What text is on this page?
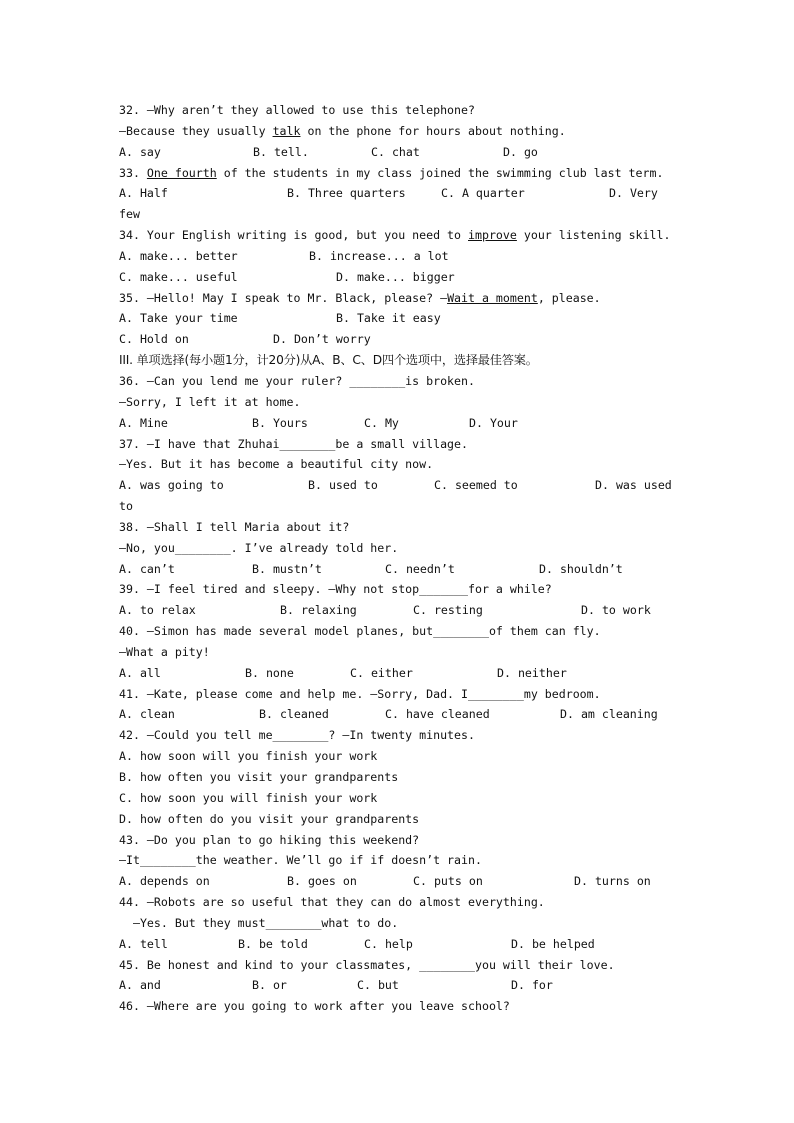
32. —Why aren’t they allowed to use this telephone?
—Because they usually talk on the phone for hours about nothing.
A. say	B. tell.	C. chat	D. go
33. One fourth of the students in my class joined the swimming club last term.
A. Half	B. Three quarters	C. A quarter	D. Very
few
34. Your English writing is good, but you need to improve your listening skill.
A. make... better	B. increase... a lot
C. make... useful	D. make... bigger
35. —Hello! May I speak to Mr. Black, please? —Wait a moment, please.
A. Take your time	B. Take it easy
C. Hold on	D. Don’t worry
III. 单项选择(每小题1分，计20分)从A、B、C、D四个选项中，选择最佳答案。
36. —Can you lend me your ruler? ________is broken.
—Sorry, I left it at home.
A. Mine	B. Yours	C. My	D. Your
37. —I have that Zhuhai________be a small village.
—Yes. But it has become a beautiful city now.
A. was going to	B. used to	C. seemed to	D. was used
to
38. —Shall I tell Maria about it?
—No, you________. I’ve already told her.
A. can’t	B. mustn’t	C. needn’t	D. shouldn’t
39. —I feel tired and sleepy. —Why not stop_______for a while?
A. to relax	B. relaxing	C. resting	D. to work
40. —Simon has made several model planes, but________of them can fly.
—What a pity!
A. all	B. none	C. either	D. neither
41. —Kate, please come and help me. —Sorry, Dad. I________my bedroom.
A. clean	B. cleaned	C. have cleaned	D. am cleaning
42. —Could you tell me________? —In twenty minutes.
A. how soon will you finish your work
B. how often you visit your grandparents
C. how soon you will finish your work
D. how often do you visit your grandparents
43. —Do you plan to go hiking this weekend?
—It________the weather. We’ll go if if doesn’t rain.
A. depends on	B. goes on	C. puts on	D. turns on
44. —Robots are so useful that they can do almost everything.
—Yes. But they must________what to do.
A. tell	B. be told	C. help	D. be helped
45. Be honest and kind to your classmates, ________you will their love.
A. and	B. or	C. but	D. for
46. —Where are you going to work after you leave school?
